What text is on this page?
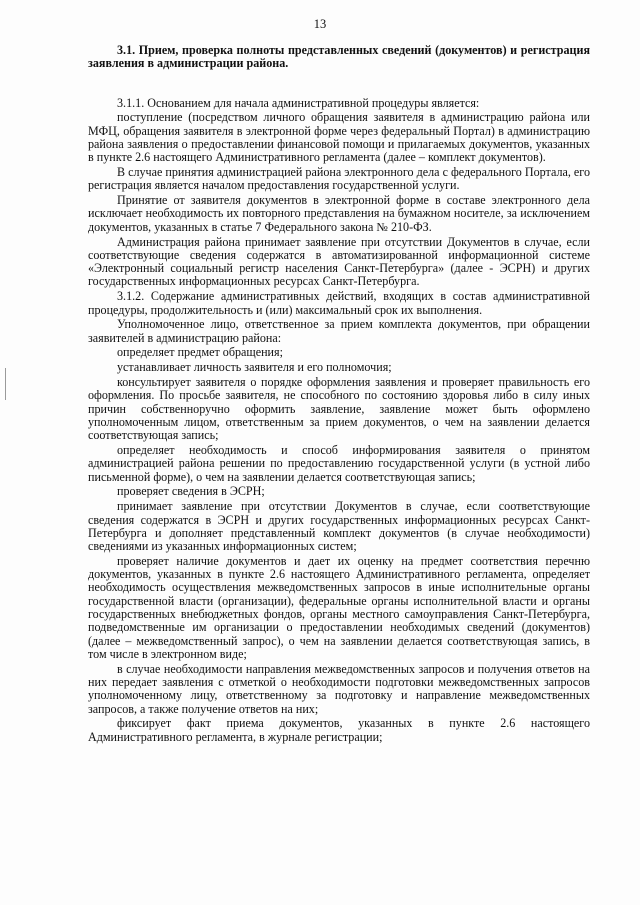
13

3.1. Прием, проверка полноты представленных сведений (документов) и регистрация заявления в администрации района.

3.1.1. Основанием для начала административной процедуры является:

поступление (посредством личного обращения заявителя в администрацию района или МФЦ, обращения заявителя в электронной форме через федеральный Портал) в администрацию района заявления о предоставлении финансовой помощи и прилагаемых документов, указанных в пункте 2.6 настоящего Административного регламента (далее – комплект документов).

В случае принятия администрацией района электронного дела с федерального Портала, его регистрация является началом предоставления государственной услуги.

Принятие от заявителя документов в электронной форме в составе электронного дела исключает необходимость их повторного представления на бумажном носителе, за исключением документов, указанных в статье 7 Федерального закона № 210-ФЗ.

Администрация района принимает заявление при отсутствии Документов в случае, если соответствующие сведения содержатся в автоматизированной информационной системе «Электронный социальный регистр населения Санкт-Петербурга» (далее - ЭСРН) и других государственных информационных ресурсах Санкт-Петербурга.

3.1.2. Содержание административных действий, входящих в состав административной процедуры, продолжительность и (или) максимальный срок их выполнения.

Уполномоченное лицо, ответственное за прием комплекта документов, при обращении заявителей в администрацию района:

определяет предмет обращения;

устанавливает личность заявителя и его полномочия;

консультирует заявителя о порядке оформления заявления и проверяет правильность его оформления. По просьбе заявителя, не способного по состоянию здоровья либо в силу иных причин собственноручно оформить заявление, заявление может быть оформлено уполномоченным лицом, ответственным за прием документов, о чем на заявлении делается соответствующая запись;

определяет необходимость и способ информирования заявителя о принятом администрацией района решении по предоставлению государственной услуги (в устной либо письменной форме), о чем на заявлении делается соответствующая запись;

проверяет сведения в ЭСРН;

принимает заявление при отсутствии Документов в случае, если соответствующие сведения содержатся в ЭСРН и других государственных информационных ресурсах Санкт-Петербурга и дополняет представленный комплект документов (в случае необходимости) сведениями из указанных информационных систем;

проверяет наличие документов и дает их оценку на предмет соответствия перечню документов, указанных в пункте 2.6 настоящего Административного регламента, определяет необходимость осуществления межведомственных запросов в иные исполнительные органы государственной власти (организации), федеральные органы исполнительной власти и органы государственных внебюджетных фондов, органы местного самоуправления Санкт-Петербурга, подведомственные им организации о предоставлении необходимых сведений (документов) (далее – межведомственный запрос), о чем на заявлении делается соответствующая запись, в том числе в электронном виде;

в случае необходимости направления межведомственных запросов и получения ответов на них передает заявления с отметкой о необходимости подготовки межведомственных запросов уполномоченному лицу, ответственному за подготовку и направление межведомственных запросов, а также получение ответов на них;

фиксирует факт приема документов, указанных в пункте 2.6 настоящего Административного регламента, в журнале регистрации;
